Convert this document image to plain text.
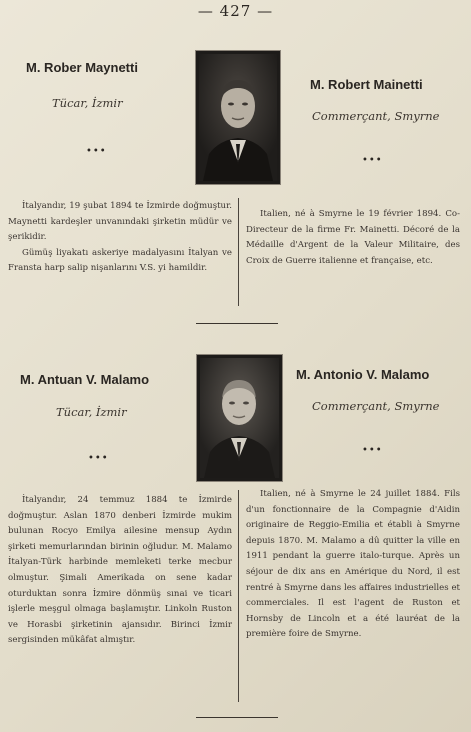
— 427 —
M. Rober Maynetti
Tücar, İzmir
•••
M. Robert Mainetti
Commerçant, Smyrne
•••

İtalyandır, 19 şubat 1894 te İzmirde doğmuştur. Maynetti kardeşler unvanındaki şirketin müdür ve şerikidir.

Gümüş liyakatı askeriye madalyasını İtalyan ve Fransta harp salip nişanlarını V.S. yi hamildir.

Italien, né à Smyrne le 19 février 1894. Co-Directeur de la firme Fr. Mainetti. Décoré de la Médaille d'Argent de la Valeur Militaire, des Croix de Guerre italienne et française, etc.

M. Antuan V. Malamo
Tücar, İzmir
•••
M. Antonio V. Malamo
Commerçant, Smyrne
•••

İtalyandır, 24 temmuz 1884 te İzmirde doğmuştur. Aslan 1870 denberi İzmirde mukim bulunan Rocyo Emilya ailesine mensup Aydın şirketi memurlarından birinin oğludur. M. Malamo İtalyan-Türk harbinde memleketi terke mecbur olmuştur. Şimali Amerikada on sene kadar oturduktan sonra İzmire dönmüş sınai ve ticari işlerle meşgul olmaga başlamıştır. Linkoln Ruston ve Horasbi şirketinin ajansıdır. Birinci İzmir sergisinden mükâfat almıştır.

Italien, né à Smyrne le 24 juillet 1884. Fils d'un fonctionnaire de la Compagnie d'Aidin originaire de Reggio-Emilia et établi à Smyrne depuis 1870. M. Malamo a dû quitter la ville en 1911 pendant la guerre italo-turque. Après un séjour de dix ans en Amérique du Nord, il est rentré à Smyrne dans les affaires industrielles et commerciales. Il est l'agent de Ruston et Hornsby de Lincoln et a été lauréat de la première foire de Smyrne.
